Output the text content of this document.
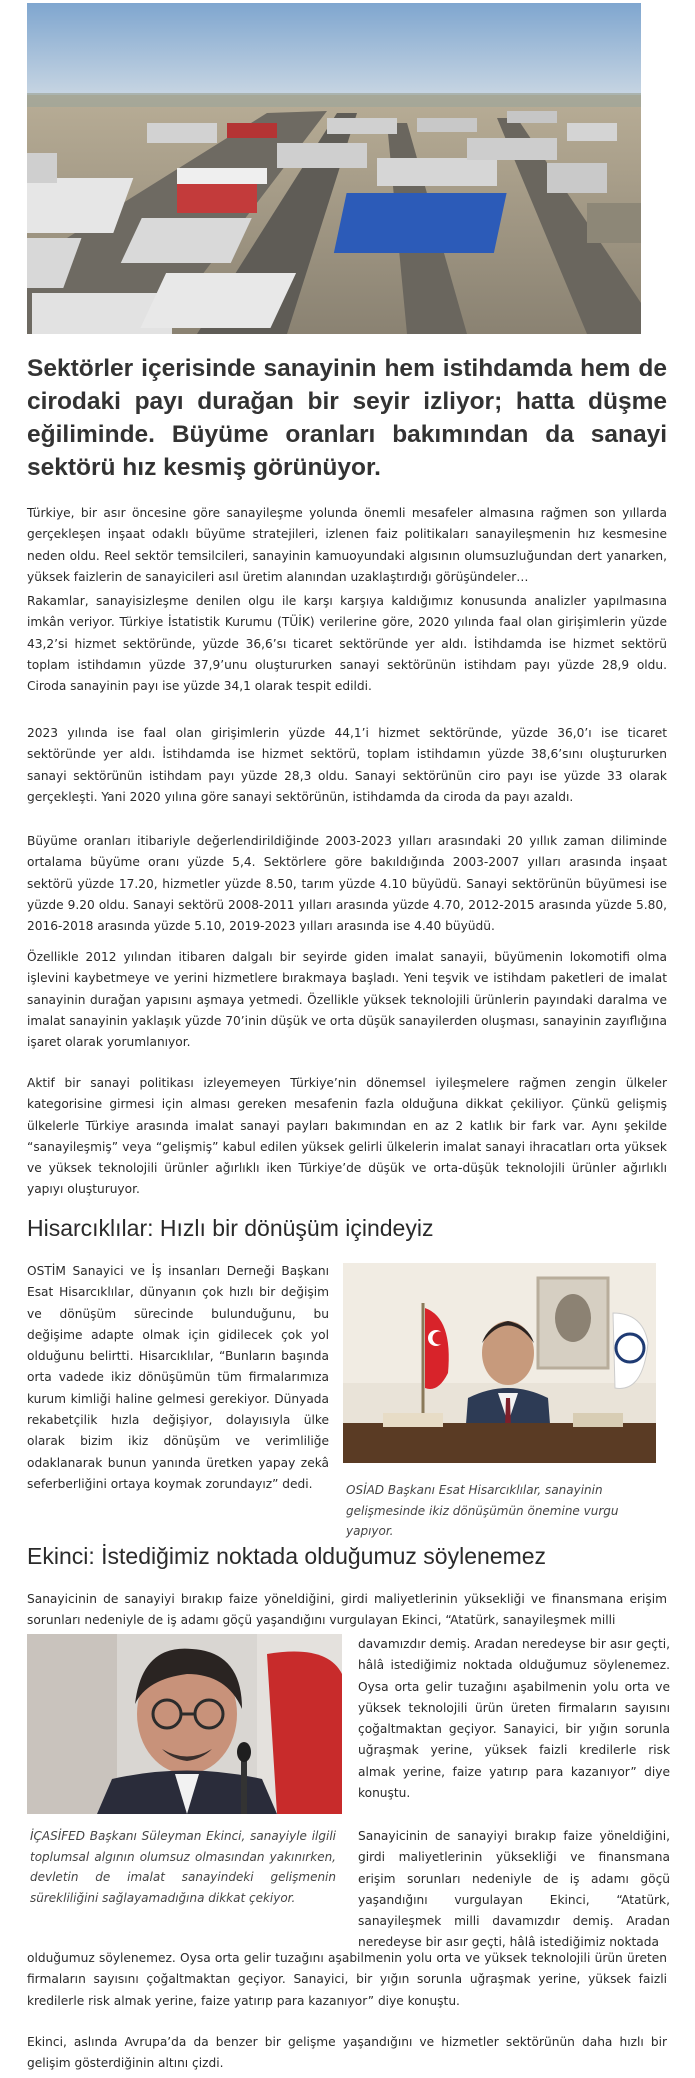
Sektörler içerisinde sanayinin hem istihdamda hem de cirodaki payı durağan bir seyir izliyor; hatta düşme eğiliminde. Büyüme oranları bakımından da sanayi sektörü hız kesmiş görünüyor.

Türkiye, bir asır öncesine göre sanayileşme yolunda önemli mesafeler almasına rağmen son yıllarda gerçekleşen inşaat odaklı büyüme stratejileri, izlenen faiz politikaları sanayileşmenin hız kesmesine neden oldu. Reel sektör temsilcileri, sanayinin kamuoyundaki algısının olumsuzluğundan dert yanarken, yüksek faizlerin de sanayicileri asıl üretim alanından uzaklaştırdığı görüşündeler…

Rakamlar, sanayisizleşme denilen olgu ile karşı karşıya kaldığımız konusunda analizler yapılmasına imkân veriyor. Türkiye İstatistik Kurumu (TÜİK) verilerine göre, 2020 yılında faal olan girişimlerin yüzde 43,2’si hizmet sektöründe, yüzde 36,6’sı ticaret sektöründe yer aldı. İstihdamda ise hizmet sektörü toplam istihdamın yüzde 37,9’unu oluştururken sanayi sektörünün istihdam payı yüzde 28,9 oldu. Ciroda sanayinin payı ise yüzde 34,1 olarak tespit edildi.

2023 yılında ise faal olan girişimlerin yüzde 44,1’i hizmet sektöründe, yüzde 36,0’ı ise ticaret sektöründe yer aldı. İstihdamda ise hizmet sektörü, toplam istihdamın yüzde 38,6’sını oluştururken sanayi sektörünün istihdam payı yüzde 28,3 oldu. Sanayi sektörünün ciro payı ise yüzde 33 olarak gerçekleşti. Yani 2020 yılına göre sanayi sektörünün, istihdamda da ciroda da payı azaldı.

Büyüme oranları itibariyle değerlendirildiğinde 2003-2023 yılları arasındaki 20 yıllık zaman diliminde ortalama büyüme oranı yüzde 5,4. Sektörlere göre bakıldığında 2003-2007 yılları arasında inşaat sektörü yüzde 17.20, hizmetler yüzde 8.50, tarım yüzde 4.10 büyüdü. Sanayi sektörünün büyümesi ise yüzde 9.20 oldu. Sanayi sektörü 2008-2011 yılları arasında yüzde 4.70, 2012-2015 arasında yüzde 5.80, 2016-2018 arasında yüzde 5.10, 2019-2023 yılları arasında ise 4.40 büyüdü.

Özellikle 2012 yılından itibaren dalgalı bir seyirde giden imalat sanayii, büyümenin lokomotifi olma işlevini kaybetmeye ve yerini hizmetlere bırakmaya başladı. Yeni teşvik ve istihdam paketleri de imalat sanayinin durağan yapısını aşmaya yetmedi. Özellikle yüksek teknolojili ürünlerin payındaki daralma ve imalat sanayinin yaklaşık yüzde 70’inin düşük ve orta düşük sanayilerden oluşması, sanayinin zayıflığına işaret olarak yorumlanıyor.

Aktif bir sanayi politikası izleyemeyen Türkiye’nin dönemsel iyileşmelere rağmen zengin ülkeler kategorisine girmesi için alması gereken mesafenin fazla olduğuna dikkat çekiliyor. Çünkü gelişmiş ülkelerle Türkiye arasında imalat sanayi payları bakımından en az 2 katlık bir fark var. Aynı şekilde “sanayileşmiş” veya “gelişmiş” kabul edilen yüksek gelirli ülkelerin imalat sanayi ihracatları orta yüksek ve yüksek teknolojili ürünler ağırlıklı iken Türkiye’de düşük ve orta-düşük teknolojili ürünler ağırlıklı yapıyı oluşturuyor.

Hisarcıklılar: Hızlı bir dönüşüm içindeyiz

OSTİM Sanayici ve İş insanları Derneği Başkanı Esat Hisarcıklılar, dünyanın çok hızlı bir değişim ve dönüşüm sürecinde bulunduğunu, bu değişime adapte olmak için gidilecek çok yol olduğunu belirtti. Hisarcıklılar, “Bunların başında orta vadede ikiz dönüşümün tüm firmalarımıza kurum kimliği haline gelmesi gerekiyor. Dünyada rekabetçilik hızla değişiyor, dolayısıyla ülke olarak bizim ikiz dönüşüm ve verimliliğe odaklanarak bunun yanında üretken yapay zekâ seferberliğini ortaya koymak zorundayız” dedi.	OSİAD Başkanı Esat Hisarcıklılar, sanayinin gelişmesinde ikiz dönüşümün önemine vurgu yapıyor.

Ekinci: İstediğimiz noktada olduğumuz söylenemez

Sanayicinin de sanayiyi bırakıp faize yöneldiğini, girdi maliyetlerinin yüksekliği ve finansmana erişim sorunları nedeniyle de iş adamı göçü yaşandığını vurgulayan Ekinci, “Atatürk, sanayileşmek milli

davamızdır demiş. Aradan neredeyse bir asır geçti, hâlâ istediğimiz noktada olduğumuz söylenemez. Oysa orta gelir tuzağını aşabilmenin yolu orta ve yüksek teknolojili ürün üreten firmaların sayısını çoğaltmaktan geçiyor. Sanayici, bir yığın sorunla uğraşmak yerine, yüksek faizli kredilerle risk almak yerine, faize yatırıp para kazanıyor” diye konuştu.

İÇASİFED Başkanı Süleyman Ekinci, sanayiyle ilgili toplumsal algının olumsuz olmasından yakınırken, devletin de imalat sanayindeki gelişmenin sürekliliğini sağlayamadığına dikkat çekiyor.

Sanayicinin de sanayiyi bırakıp faize yöneldiğini, girdi maliyetlerinin yüksekliği ve finansmana erişim sorunları nedeniyle de iş adamı göçü yaşandığını vurgulayan Ekinci, “Atatürk, sanayileşmek milli davamızdır demiş. Aradan neredeyse bir asır geçti, hâlâ istediğimiz noktada

olduğumuz söylenemez. Oysa orta gelir tuzağını aşabilmenin yolu orta ve yüksek teknolojili ürün üreten firmaların sayısını çoğaltmaktan geçiyor. Sanayici, bir yığın sorunla uğraşmak yerine, yüksek faizli kredilerle risk almak yerine, faize yatırıp para kazanıyor” diye konuştu.

Ekinci, aslında Avrupa’da da benzer bir gelişme yaşandığını ve hizmetler sektörünün daha hızlı bir gelişim gösterdiğinin altını çizdi.
